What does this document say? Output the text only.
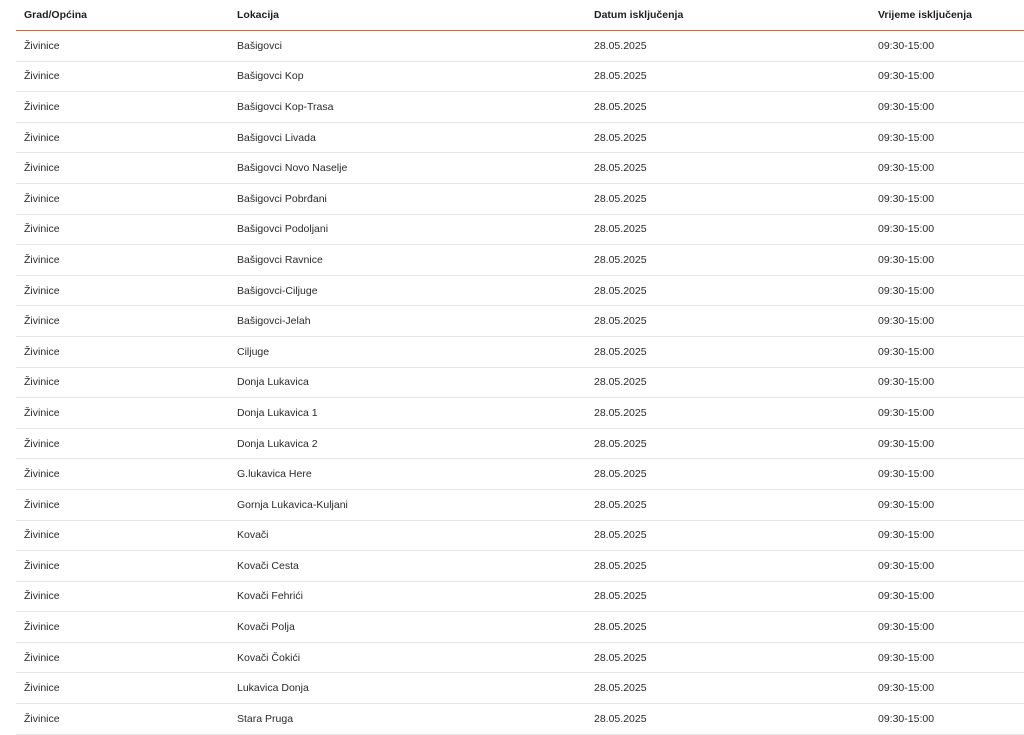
Grad/Općina	Lokacija	Datum isključenja	Vrijeme isključenja
Živinice	Bašigovci	28.05.2025	09:30-15:00
Živinice	Bašigovci Kop	28.05.2025	09:30-15:00
Živinice	Bašigovci Kop-Trasa	28.05.2025	09:30-15:00
Živinice	Bašigovci Livada	28.05.2025	09:30-15:00
Živinice	Bašigovci Novo Naselje	28.05.2025	09:30-15:00
Živinice	Bašigovci Pobrđani	28.05.2025	09:30-15:00
Živinice	Bašigovci Podoljani	28.05.2025	09:30-15:00
Živinice	Bašigovci Ravnice	28.05.2025	09:30-15:00
Živinice	Bašigovci-Ciljuge	28.05.2025	09:30-15:00
Živinice	Bašigovci-Jelah	28.05.2025	09:30-15:00
Živinice	Ciljuge	28.05.2025	09:30-15:00
Živinice	Donja Lukavica	28.05.2025	09:30-15:00
Živinice	Donja Lukavica 1	28.05.2025	09:30-15:00
Živinice	Donja Lukavica 2	28.05.2025	09:30-15:00
Živinice	G.lukavica Here	28.05.2025	09:30-15:00
Živinice	Gornja Lukavica-Kuljani	28.05.2025	09:30-15:00
Živinice	Kovači	28.05.2025	09:30-15:00
Živinice	Kovači Cesta	28.05.2025	09:30-15:00
Živinice	Kovači Fehrići	28.05.2025	09:30-15:00
Živinice	Kovači Polja	28.05.2025	09:30-15:00
Živinice	Kovači Čokići	28.05.2025	09:30-15:00
Živinice	Lukavica Donja	28.05.2025	09:30-15:00
Živinice	Stara Pruga	28.05.2025	09:30-15:00
